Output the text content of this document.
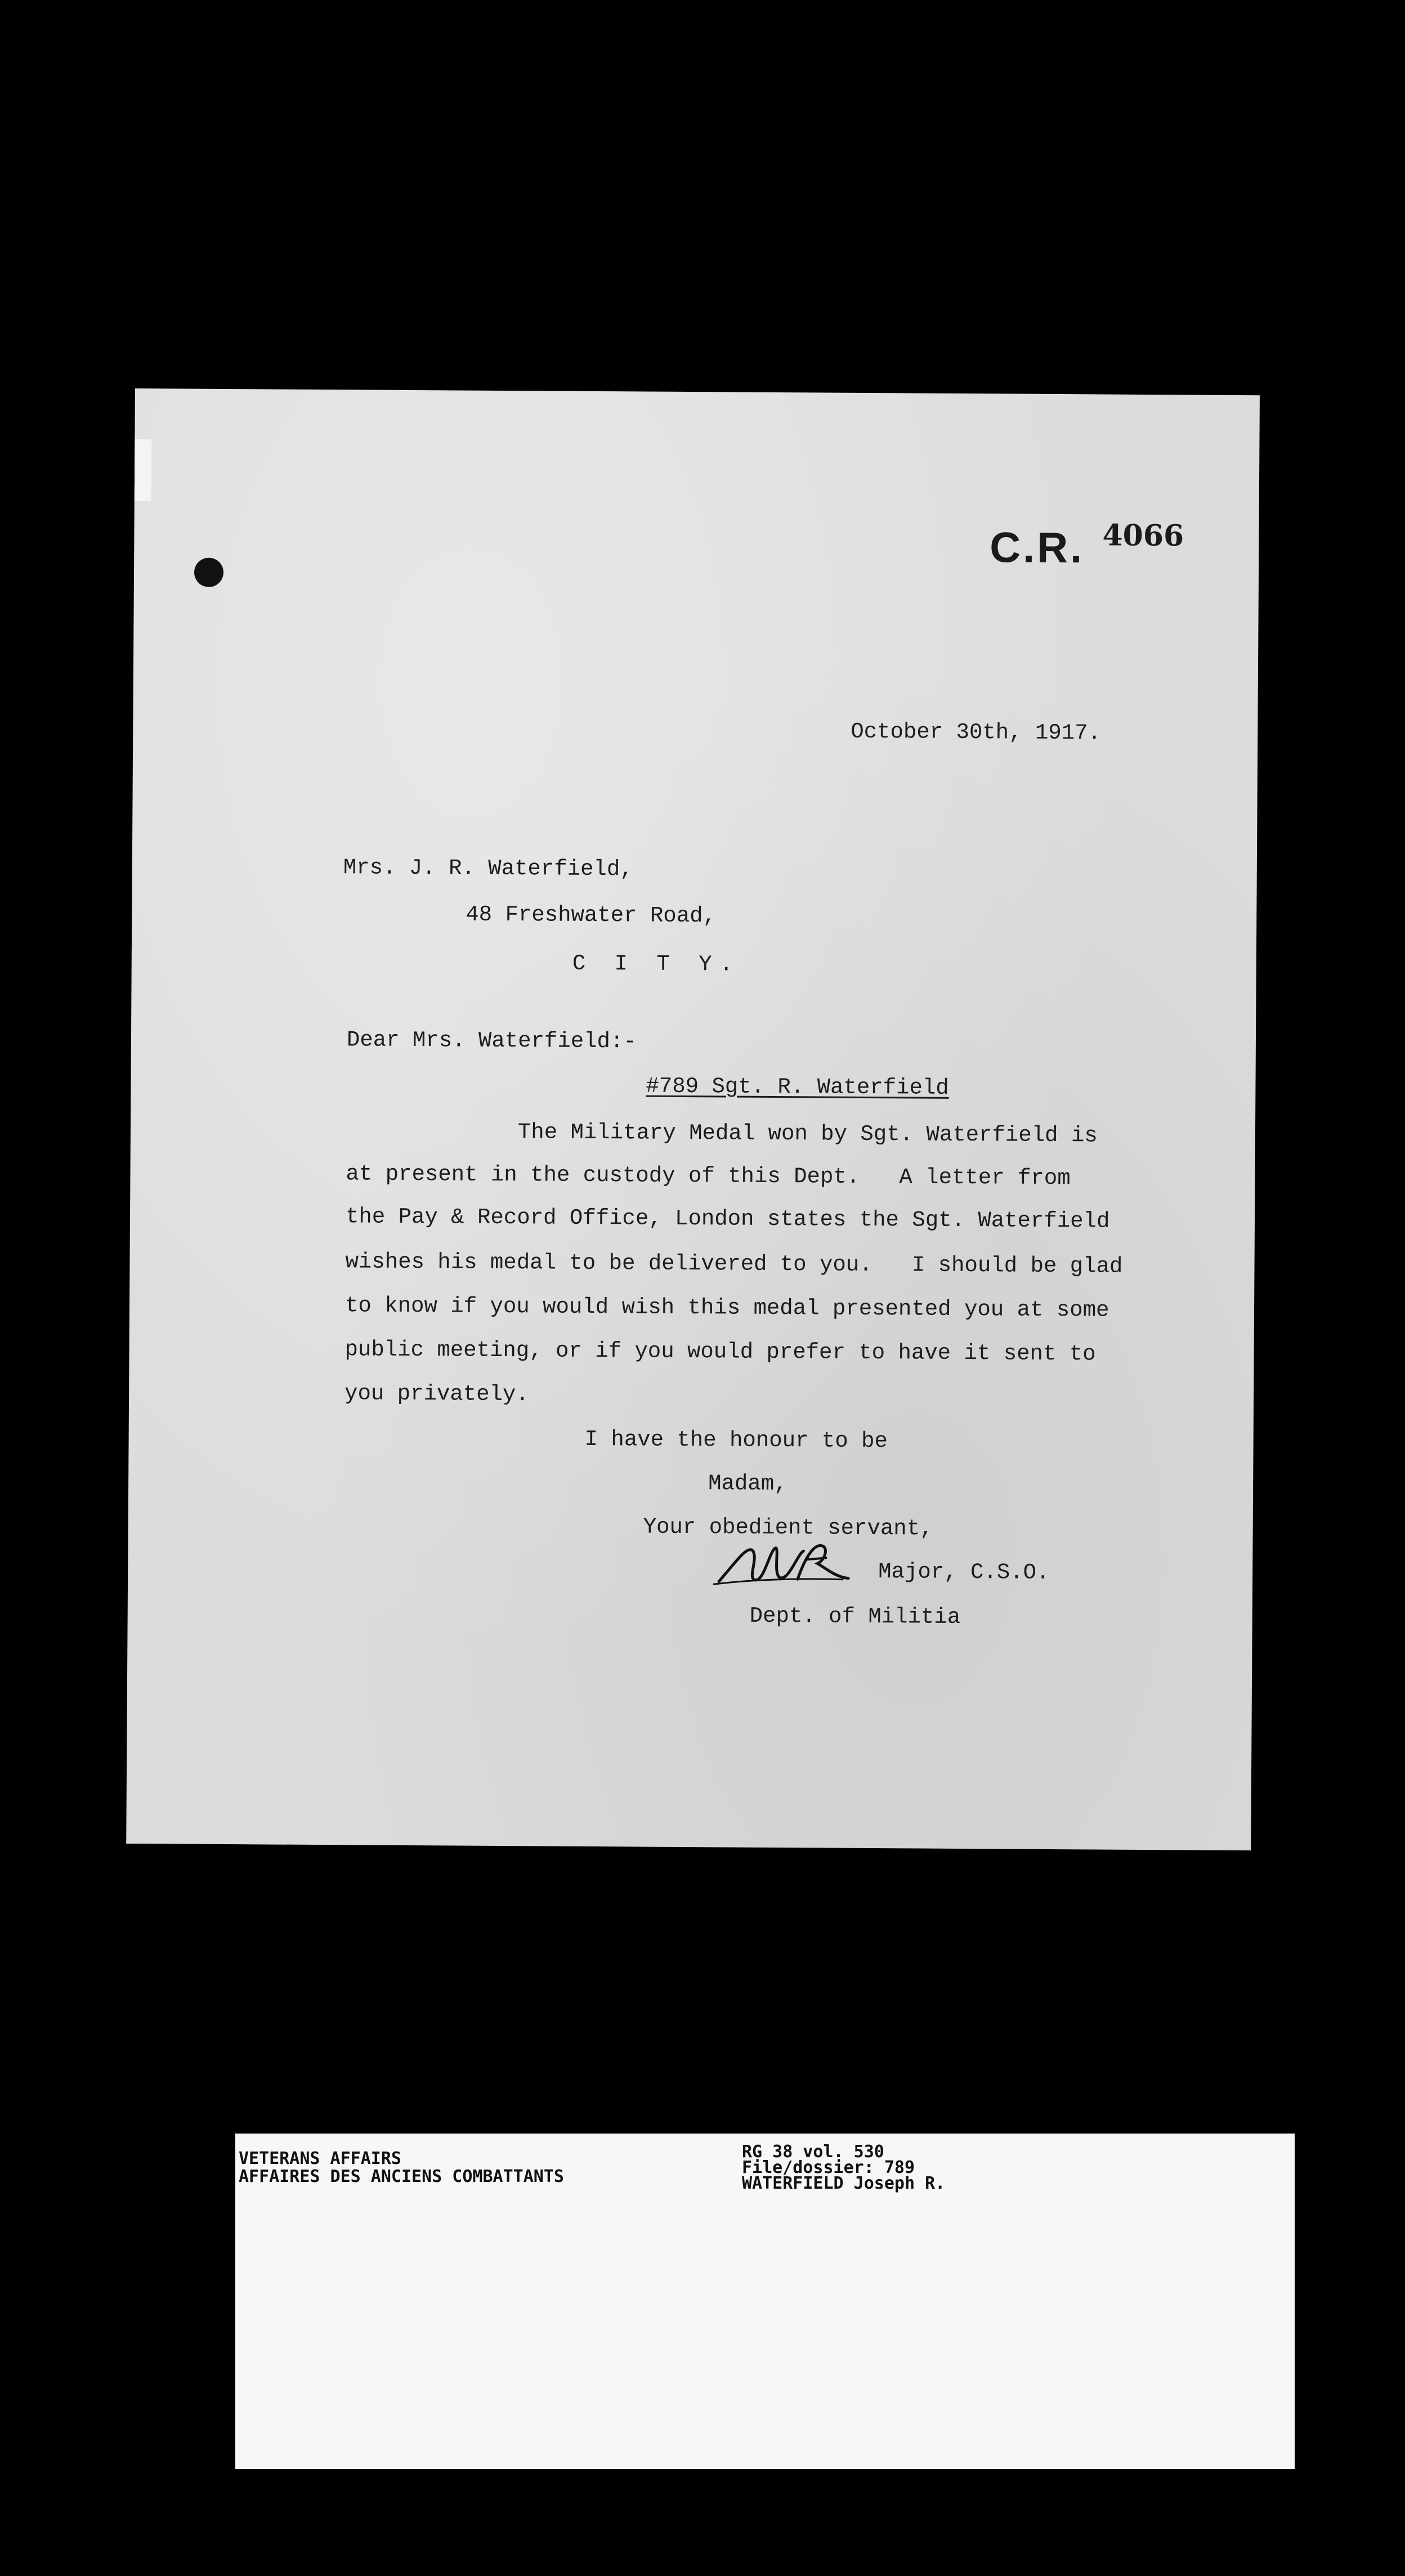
C.R. 4066
October 30th, 1917.
Mrs. J. R. Waterfield,
48 Freshwater Road,
C I T Y.
Dear Mrs. Waterfield:-
#789 Sgt. R. Waterfield
The Military Medal won by Sgt. Waterfield is
at present in the custody of this Dept.   A letter from
the Pay & Record Office, London states the Sgt. Waterfield
wishes his medal to be delivered to you.   I should be glad
to know if you would wish this medal presented you at some
public meeting, or if you would prefer to have it sent to
you privately.
I have the honour to be
Madam,
Your obedient servant,
Major, C.S.O.
Dept. of Militia
VETERANS AFFAIRS
AFFAIRES DES ANCIENS COMBATTANTS
RG 38 vol. 530
File/dossier: 789
WATERFIELD Joseph R.
